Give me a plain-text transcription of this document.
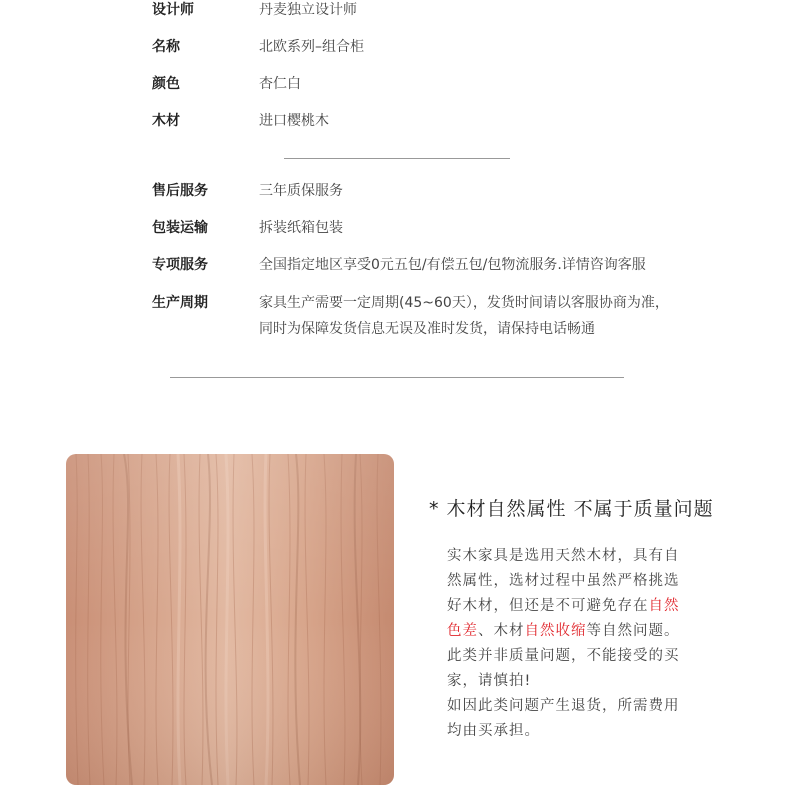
设计师	丹麦独立设计师
名称	北欧系列–组合柜
颜色	杏仁白
木材	进口樱桃木
售后服务	三年质保服务
包装运输	拆装纸箱包装
专项服务	全国指定地区享受0元五包/有偿五包/包物流服务.详情咨询客服
生产周期	家具生产需要一定周期(45~60天），发货时间请以客服协商为准，
同时为保障发货信息无误及准时发货，请保持电话畅通
* 木材自然属性 不属于质量问题
实木家具是选用天然木材，具有自
然属性，选材过程中虽然严格挑选
好木材，但还是不可避免存在自然
色差、木材自然收缩等自然问题。
此类并非质量问题，不能接受的买
家，请慎拍!
如因此类问题产生退货，所需费用
均由买承担。
